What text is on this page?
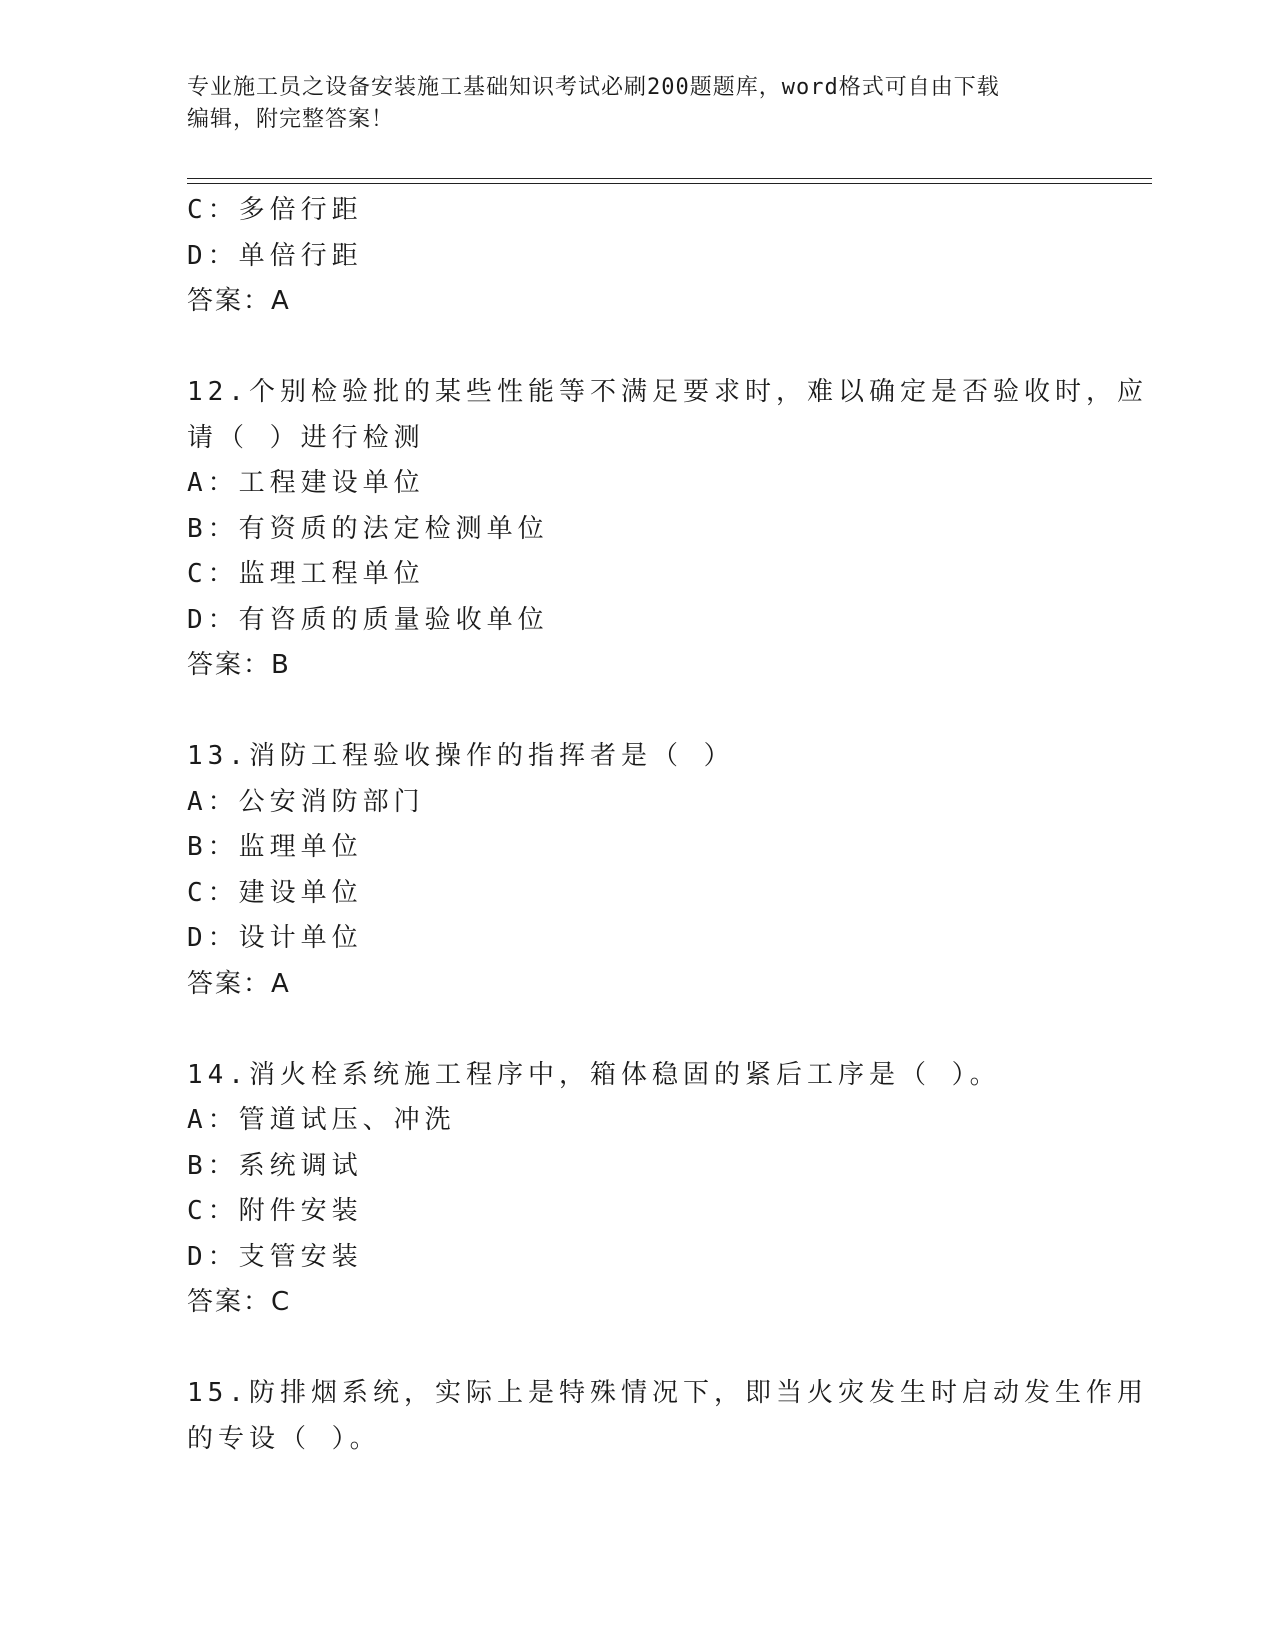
专业施工员之设备安装施工基础知识考试必刷200题题库，word格式可自由下载
编辑，附完整答案！
C：多倍行距
D：单倍行距
答案：A
12.个别检验批的某些性能等不满足要求时，难以确定是否验收时，应
请（ ）进行检测
A：工程建设单位
B：有资质的法定检测单位
C：监理工程单位
D：有咨质的质量验收单位
答案：B
13.消防工程验收操作的指挥者是（ ）
A：公安消防部门
B：监理单位
C：建设单位
D：设计单位
答案：A
14.消火栓系统施工程序中，箱体稳固的紧后工序是（ ）。
A：管道试压、冲洗
B：系统调试
C：附件安装
D：支管安装
答案：C
15.防排烟系统，实际上是特殊情况下，即当火灾发生时启动发生作用
的专设（ ）。
